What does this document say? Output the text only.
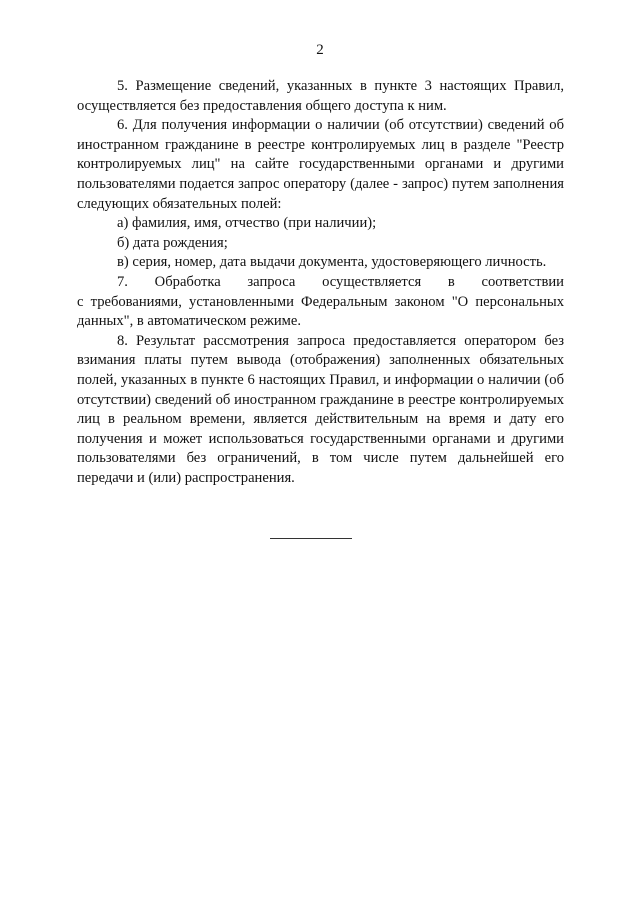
2

5. Размещение сведений, указанных в пункте 3 настоящих Правил,

осуществляется без предоставления общего доступа к ним.

6. Для получения информации о наличии (об отсутствии) сведений об иностранном гражданине в реестре контролируемых лиц в разделе "Реестр контролируемых лиц" на сайте государственными органами и другими пользователями подается запрос оператору (далее - запрос) путем заполнения следующих обязательных полей:

а) фамилия, имя, отчество (при наличии);

б) дата рождения;

в) серия, номер, дата выдачи документа, удостоверяющего личность.

7. Обработка запроса осуществляется в соответствии

с требованиями, установленными Федеральным законом "О персональных данных", в автоматическом режиме.

8. Результат рассмотрения запроса предоставляется оператором без взимания платы путем вывода (отображения) заполненных обязательных полей, указанных в пункте 6 настоящих Правил, и информации о наличии (об отсутствии) сведений об иностранном гражданине в реестре контролируемых лиц в реальном времени, является действительным на время и дату его получения и может использоваться государственными органами и другими пользователями без ограничений, в том числе путем дальнейшей его передачи и (или) распространения.
